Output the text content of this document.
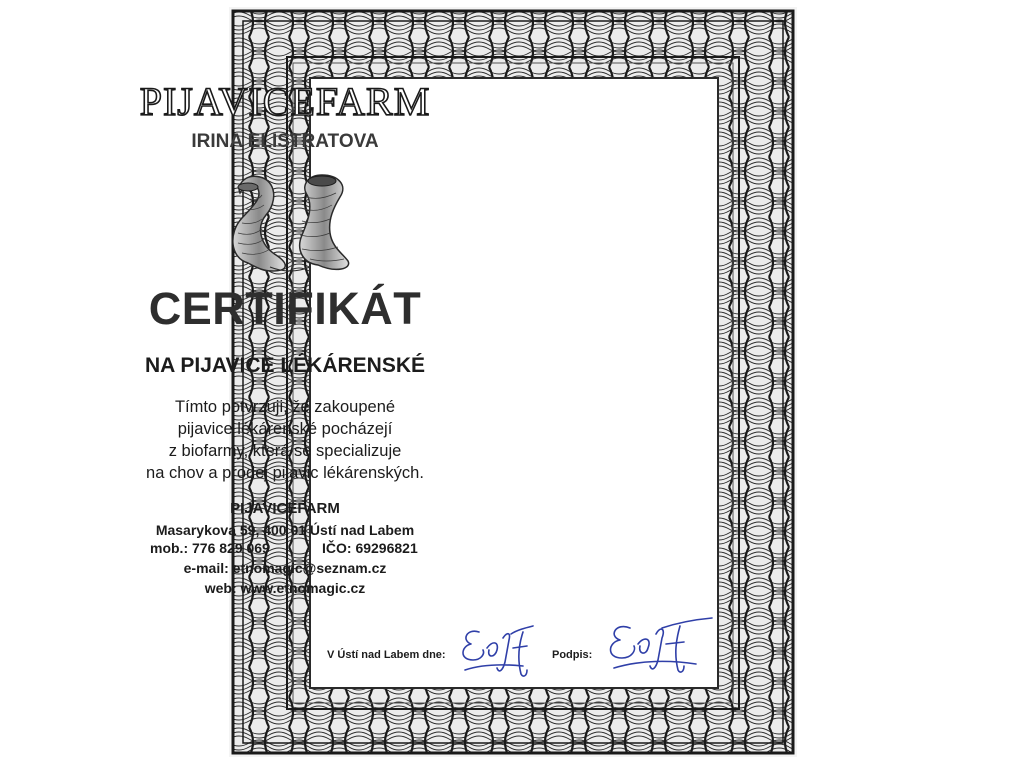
PIJAVICEFARM
IRINA ELISTRATOVA
CERTIFIKÁT
NA PIJAVICE LÉKÁRENSKÉ
Tímto potvrzuji, že zakoupené
pijavice lékárenské pocházejí
z biofarmy, která se specializuje
na chov a prodej pijavic lékárenských.
PIJAVICEFARM
Masarykova 59, 400 01 Ústí nad Labem
mob.: 776 829 069	IČO: 69296821
e-mail: etnomagic@seznam.cz
web: www.etnomagic.cz
V Ústí nad Labem dne:	Podpis:
